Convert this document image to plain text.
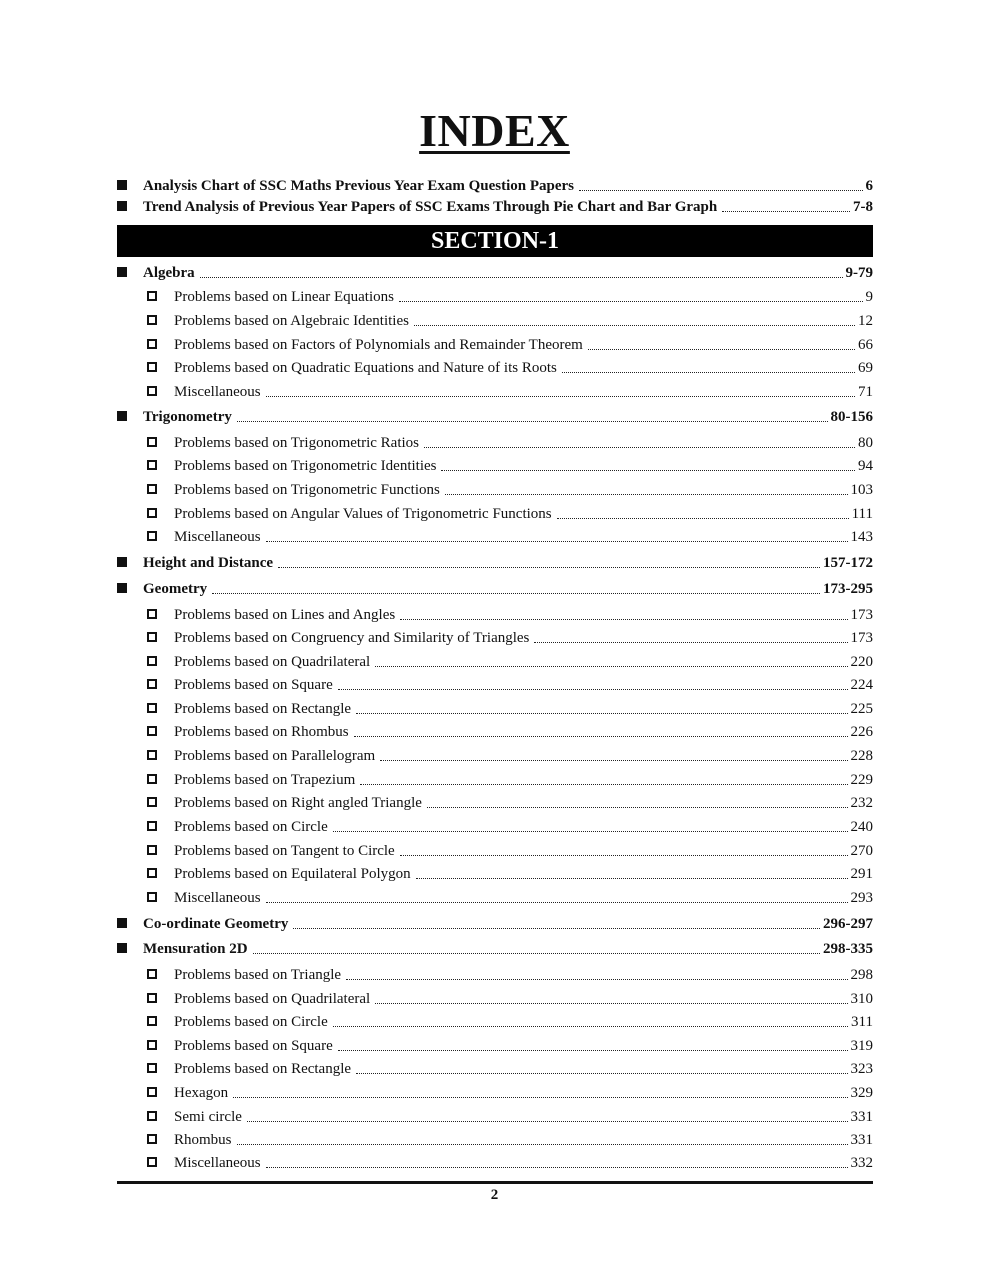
INDEX
Analysis Chart of SSC Maths Previous Year Exam Question Papers	6
Trend Analysis of Previous Year Papers of SSC Exams Through Pie Chart and Bar Graph	7-8
SECTION-1
Algebra	9-79
Problems based on Linear Equations	9
Problems based on Algebraic Identities	12
Problems based on Factors of Polynomials and Remainder Theorem	66
Problems based on Quadratic Equations and Nature of its Roots	69
Miscellaneous	71
Trigonometry	80-156
Problems based on Trigonometric Ratios	80
Problems based on Trigonometric Identities	94
Problems based on Trigonometric Functions	103
Problems based on Angular Values of Trigonometric Functions	111
Miscellaneous	143
Height and Distance	157-172
Geometry	173-295
Problems based on Lines and Angles	173
Problems based on Congruency and Similarity of Triangles	173
Problems based on Quadrilateral	220
Problems based on Square	224
Problems based on Rectangle	225
Problems based on Rhombus	226
Problems based on Parallelogram	228
Problems based on Trapezium	229
Problems based on Right angled Triangle	232
Problems based on Circle	240
Problems based on Tangent to Circle	270
Problems based on Equilateral Polygon	291
Miscellaneous	293
Co-ordinate Geometry	296-297
Mensuration 2D	298-335
Problems based on Triangle	298
Problems based on Quadrilateral	310
Problems based on Circle	311
Problems based on Square	319
Problems based on Rectangle	323
Hexagon	329
Semi circle	331
Rhombus	331
Miscellaneous	332
2
